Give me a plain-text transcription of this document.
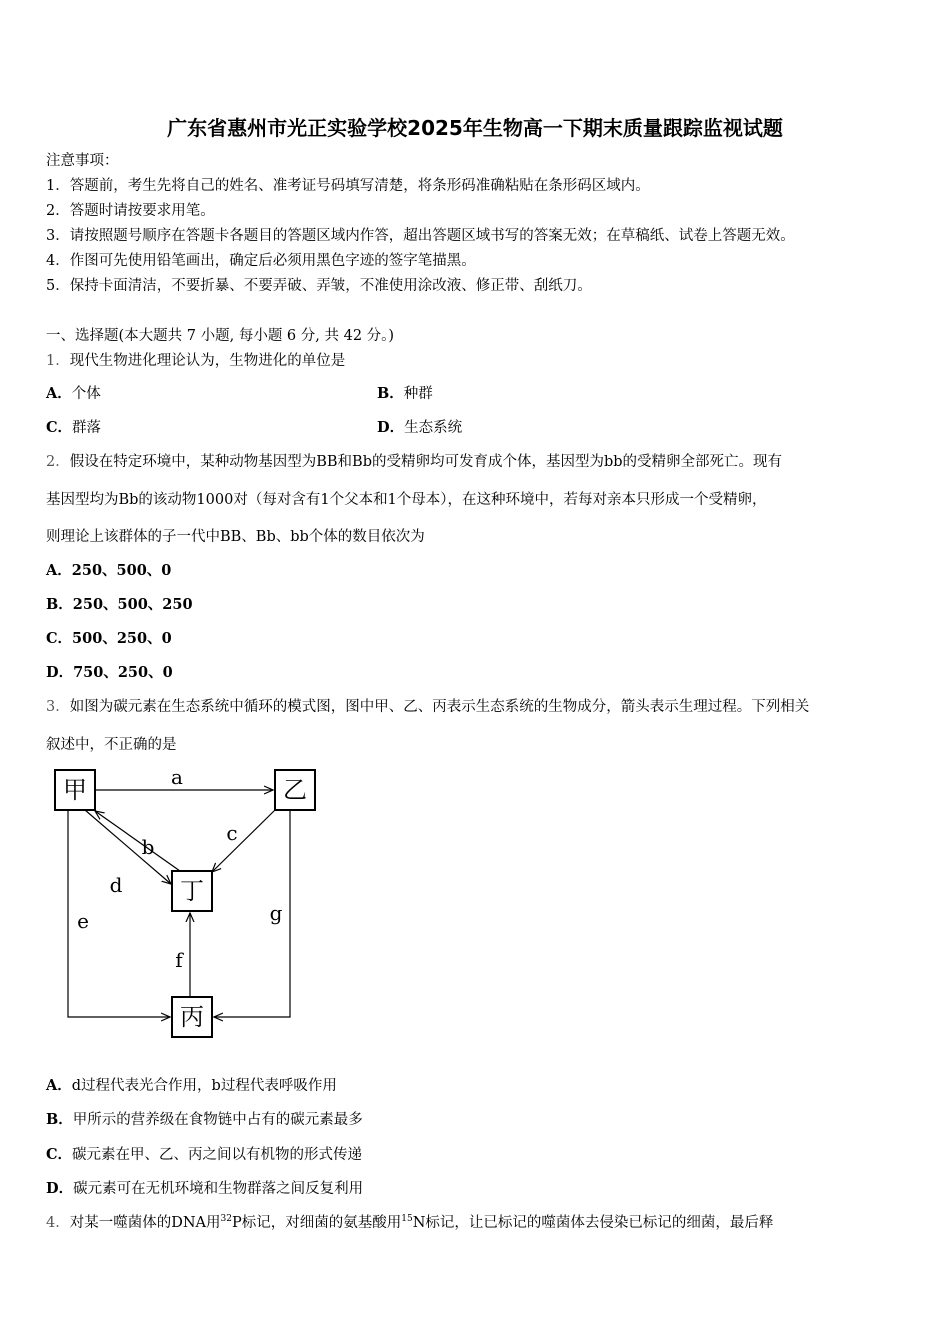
广东省惠州市光正实验学校2025年生物高一下期末质量跟踪监视试题
注意事项：
1．答题前，考生先将自己的姓名、准考证号码填写清楚，将条形码准确粘贴在条形码区域内。
2．答题时请按要求用笔。
3．请按照题号顺序在答题卡各题目的答题区域内作答，超出答题区域书写的答案无效；在草稿纸、试卷上答题无效。
4．作图可先使用铅笔画出，确定后必须用黑色字迹的签字笔描黑。
5．保持卡面清洁，不要折暴、不要弄破、弄皱，不准使用涂改液、修正带、刮纸刀。
一、选择题(本大题共 7 小题, 每小题 6 分, 共 42 分。)
1．现代生物进化理论认为，生物进化的单位是
A．个体	B．种群
C．群落	D．生态系统
2．假设在特定环境中，某种动物基因型为BB和Bb的受精卵均可发育成个体，基因型为bb的受精卵全部死亡。现有
基因型均为Bb的该动物1000对（每对含有1个父本和1个母本），在这种环境中，若每对亲本只形成一个受精卵，
则理论上该群体的子一代中BB、Bb、bb个体的数目依次为
A．250、500、0
B．250、500、250
C．500、250、0
D．750、250、0
3．如图为碳元素在生态系统中循环的模式图，图中甲、乙、丙表示生态系统的生物成分，箭头表示生理过程。下列相关
叙述中，不正确的是
甲	乙
丁
丙
a
c
b
d
e	g
f
A．d过程代表光合作用，b过程代表呼吸作用
B．甲所示的营养级在食物链中占有的碳元素最多
C．碳元素在甲、乙、丙之间以有机物的形式传递
D．碳元素可在无机环境和生物群落之间反复利用
4．对某一噬菌体的DNA用$^{32}$P标记，对细菌的氨基酸用$^{15}$N标记，让已标记的噬菌体去侵染已标记的细菌，最后释
